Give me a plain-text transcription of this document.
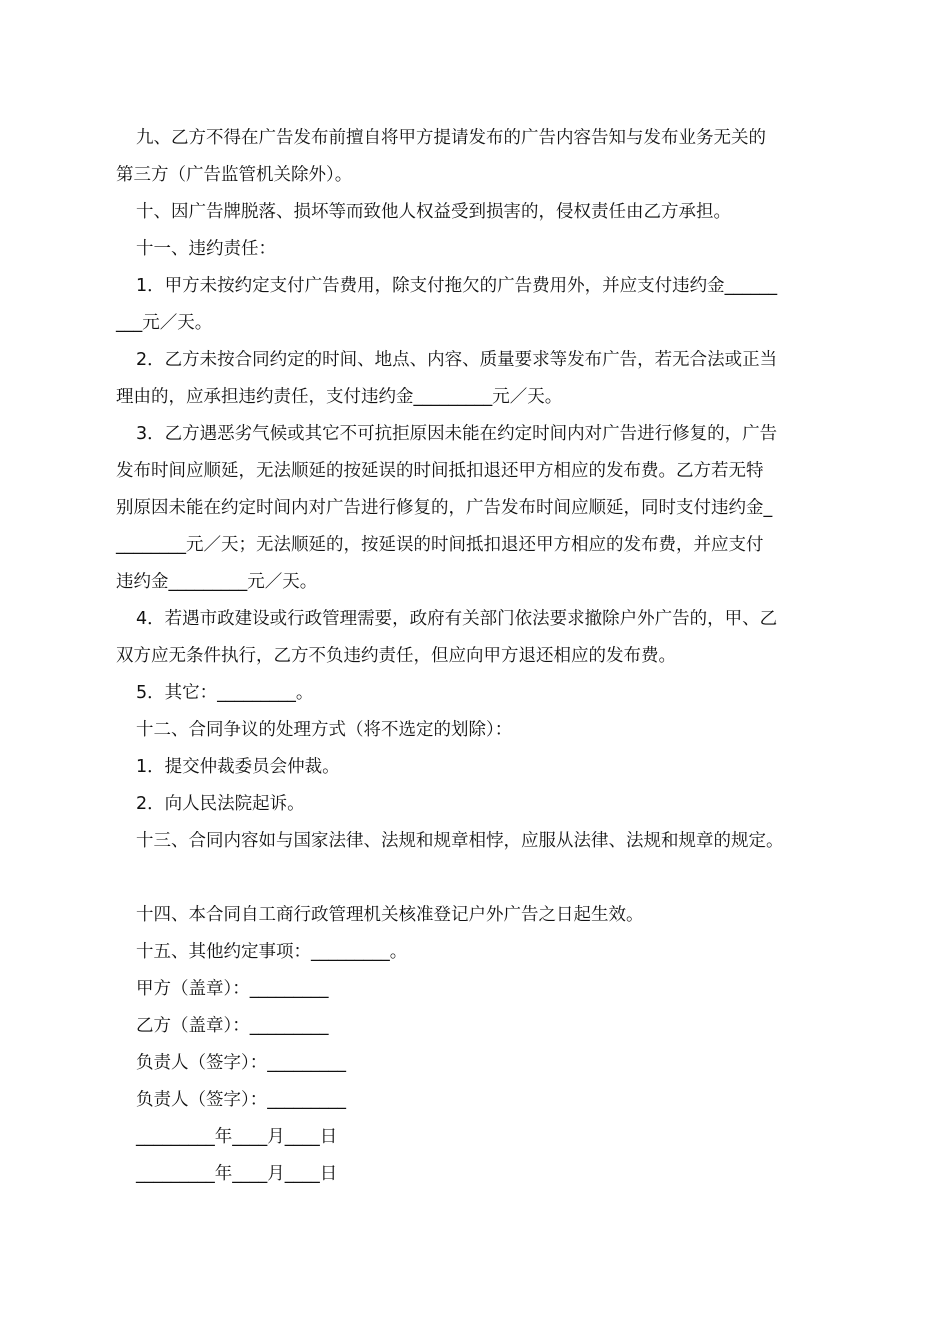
九、乙方不得在广告发布前擅自将甲方提请发布的广告内容告知与发布业务无关的

第三方（广告监管机关除外）。

十、因广告牌脱落、损坏等而致他人权益受到损害的，侵权责任由乙方承担。

十一、违约责任：

1．甲方未按约定支付广告费用，除支付拖欠的广告费用外，并应支付违约金______

___元／天。

2．乙方未按合同约定的时间、地点、内容、质量要求等发布广告，若无合法或正当

理由的，应承担违约责任，支付违约金_________元／天。

3．乙方遇恶劣气候或其它不可抗拒原因未能在约定时间内对广告进行修复的，广告

发布时间应顺延，无法顺延的按延误的时间抵扣退还甲方相应的发布费。乙方若无特

别原因未能在约定时间内对广告进行修复的，广告发布时间应顺延，同时支付违约金_

________元／天；无法顺延的，按延误的时间抵扣退还甲方相应的发布费，并应支付

违约金_________元／天。

4．若遇市政建设或行政管理需要，政府有关部门依法要求撤除户外广告的，甲、乙

双方应无条件执行，乙方不负违约责任，但应向甲方退还相应的发布费。

5．其它：_________。

十二、合同争议的处理方式（将不选定的划除）：

1．提交仲裁委员会仲裁。

2．向人民法院起诉。

十三、合同内容如与国家法律、法规和规章相悖，应服从法律、法规和规章的规定。

十四、本合同自工商行政管理机关核准登记户外广告之日起生效。

十五、其他约定事项：_________。

甲方（盖章）：_________

乙方（盖章）：_________

负责人（签字）：_________

负责人（签字）：_________

_________年____月____日

_________年____月____日
